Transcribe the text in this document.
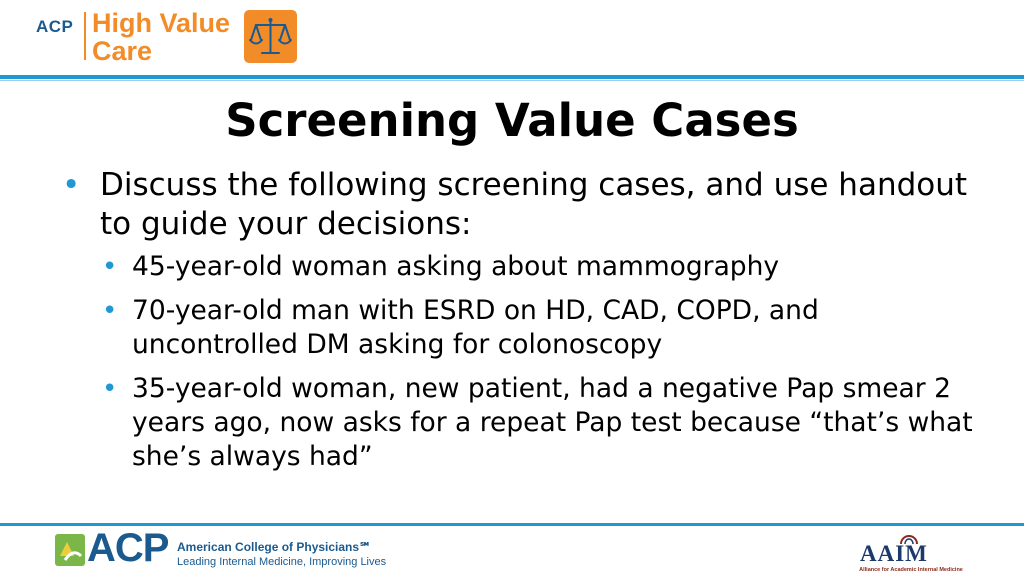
ACP High Value
Care
Screening Value Cases
• Discuss the following screening cases, and use handout to guide your decisions:
• 45-year-old woman asking about mammography
• 70-year-old man with ESRD on HD, CAD, COPD, and uncontrolled DM asking for colonoscopy
• 35-year-old woman, new patient, had a negative Pap smear 2 years ago, now asks for a repeat Pap test because “that’s what she’s always had”
ACP American College of Physicians℠
Leading Internal Medicine, Improving Lives	AAIM
Alliance for Academic Internal Medicine
